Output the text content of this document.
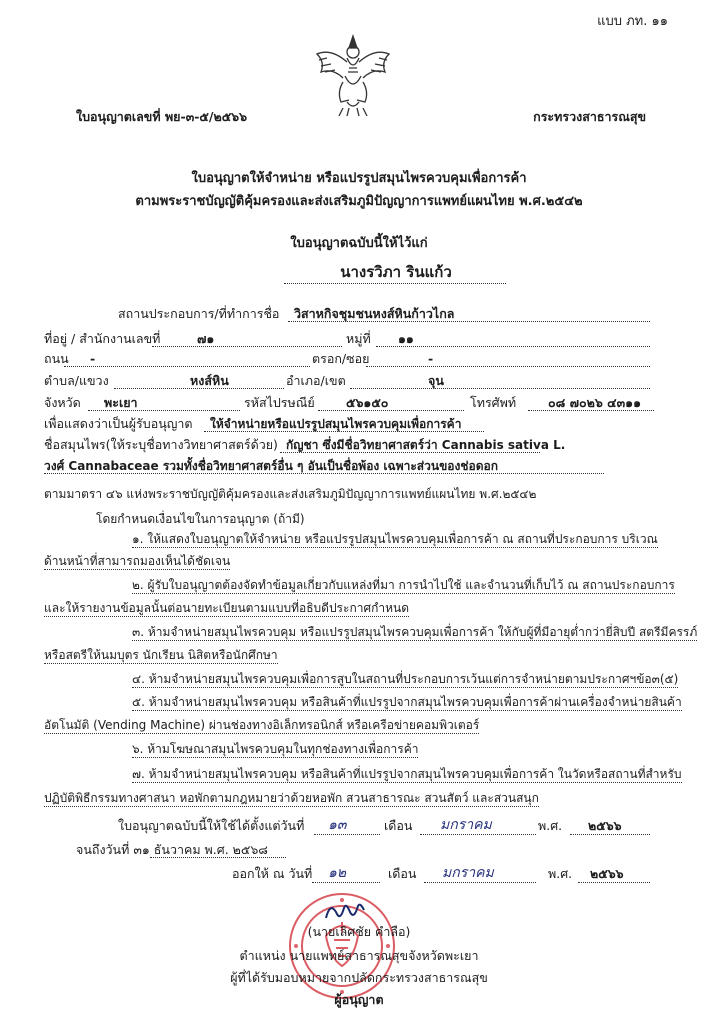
แบบ ภท. ๑๑
ใบอนุญาตเลขที่ พย-๓-๕/๒๕๖๖	กระทรวงสาธารณสุข
ใบอนุญาตให้จำหน่าย หรือแปรรูปสมุนไพรควบคุมเพื่อการค้า
ตามพระราชบัญญัติคุ้มครองและส่งเสริมภูมิปัญญาการแพทย์แผนไทย พ.ศ.๒๕๔๒
ใบอนุญาตฉบับนี้ให้ไว้แก่
นางรวิภา รินแก้ว
สถานประกอบการ/ที่ทำการชื่อ วิสาหกิจชุมชนหงส์หินก้าวไกล
ที่อยู่ / สำนักงานเลขที่	๗๑	หมู่ที่ ๑๑
ถนน -	ตรอก/ซอย	-
ตำบล/แขวง	หงส์หิน	อำเภอ/เขต	จุน
จังหวัด พะเยา	รหัสไปรษณีย์	๕๖๑๕๐	โทรศัพท์	๐๘ ๗๐๒๖ ๔๓๑๑
เพื่อแสดงว่าเป็นผู้รับอนุญาต ให้จำหน่ายหรือแปรรูปสมุนไพรควบคุมเพื่อการค้า
ชื่อสมุนไพร(ให้ระบุชื่อทางวิทยาศาสตร์ด้วย) กัญชา ซึ่งมีชื่อวิทยาศาสตร์ว่า Cannabis sativa L.
วงศ์ Cannabaceae รวมทั้งชื่อวิทยาศาสตร์อื่น ๆ อันเป็นชื่อพ้อง เฉพาะส่วนของช่อดอก
ตามมาตรา ๔๖ แห่งพระราชบัญญัติคุ้มครองและส่งเสริมภูมิปัญญาการแพทย์แผนไทย พ.ศ.๒๕๔๒
โดยกำหนดเงื่อนไขในการอนุญาต (ถ้ามี)
๑. ให้แสดงใบอนุญาตให้จำหน่าย หรือแปรรูปสมุนไพรควบคุมเพื่อการค้า ณ สถานที่ประกอบการ บริเวณ
ด้านหน้าที่สามารถมองเห็นได้ชัดเจน
๒. ผู้รับใบอนุญาตต้องจัดทำข้อมูลเกี่ยวกับแหล่งที่มา การนำไปใช้ และจำนวนที่เก็บไว้ ณ สถานประกอบการ
และให้รายงานข้อมูลนั้นต่อนายทะเบียนตามแบบที่อธิบดีประกาศกำหนด
๓. ห้ามจำหน่ายสมุนไพรควบคุม หรือแปรรูปสมุนไพรควบคุมเพื่อการค้า ให้กับผู้ที่มีอายุต่ำกว่ายี่สิบปี สตรีมีครรภ์
หรือสตรีให้นมบุตร นักเรียน นิสิตหรือนักศึกษา
๔. ห้ามจำหน่ายสมุนไพรควบคุมเพื่อการสูบในสถานที่ประกอบการเว้นแต่การจำหน่ายตามประกาศฯข้อ๓(๕)
๕. ห้ามจำหน่ายสมุนไพรควบคุม หรือสินค้าที่แปรรูปจากสมุนไพรควบคุมเพื่อการค้าผ่านเครื่องจำหน่ายสินค้า
อัตโนมัติ (Vending Machine) ผ่านช่องทางอิเล็กทรอนิกส์ หรือเครือข่ายคอมพิวเตอร์
๖. ห้ามโฆษณาสมุนไพรควบคุมในทุกช่องทางเพื่อการค้า
๗. ห้ามจำหน่ายสมุนไพรควบคุม หรือสินค้าที่แปรรูปจากสมุนไพรควบคุมเพื่อการค้า ในวัดหรือสถานที่สำหรับ
ปฏิบัติพิธีกรรมทางศาสนา หอพักตามกฎหมายว่าด้วยหอพัก สวนสาธารณะ สวนสัตว์ และสวนสนุก
ใบอนุญาตฉบับนี้ให้ใช้ได้ตั้งแต่วันที่ ๑๓	เดือน มกราคม	พ.ศ. ๒๕๖๖
จนถึงวันที่ ๓๑ ธันวาคม พ.ศ. ๒๕๖๘
ออกให้ ณ วันที่ ๑๒	เดือน มกราคม	พ.ศ. ๒๕๖๖
(นายเลิศชัย คำลือ)
ตำแหน่ง นายแพทย์สาธารณสุขจังหวัดพะเยา
ผู้ที่ได้รับมอบหมายจากปลัดกระทรวงสาธารณสุข
ผู้อนุญาต
